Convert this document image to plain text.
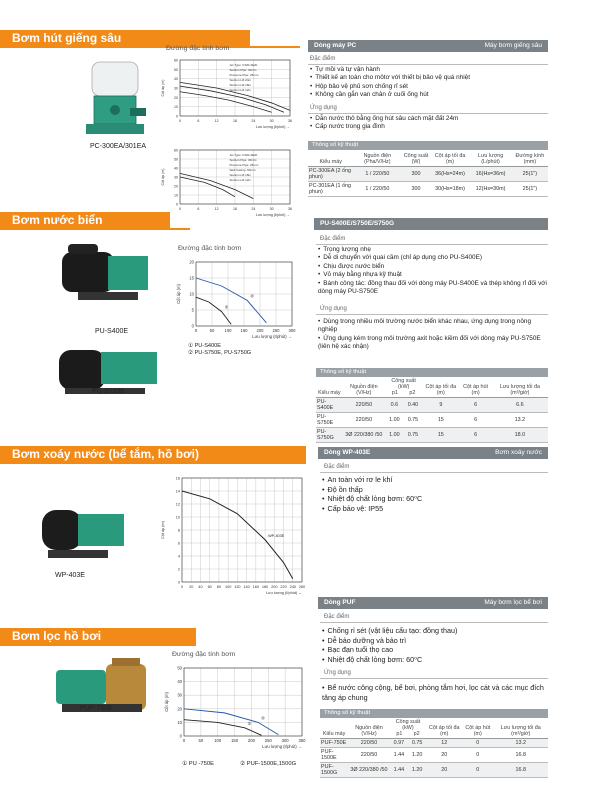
Bơm hút giếng sâu
PC-300EA/301EA
Đường đặc tính bơm
0	6	12	18	24	30	36
0
10
20
30
40
50
60
Lưu lượng (ℓ/phút) →
Cột áp (m)
Jet Type: PJ20-4E2b
Suction Pipe: 30mm
Pressure Pipe: 25mm
Suction Lift 24m
Suction Lift 18m
Suction Lift 12m
0	6	12	18	24	30	36
0
10
20
30
40
50
60
Lưu lượng (ℓ/phút) →
Cột áp (m)
Jet Type: PJ20-4E2b
Suction Pipe: 30mm
Pressure Pipe: 25mm
Well Casing: 50mm
Suction Lift 18m
Suction Lift 12m
Dòng máy PC	Máy bơm giếng sâu
Đặc điểm
• Tự mồi và tự vận hành
• Thiết kế an toàn cho môtơ với thiết bị bảo vệ quá nhiệt
• Hộp bảo vệ phủ sơn chống rỉ sét
• Không cần gắn van chân ở cuối ống hút
Ứng dụng
• Dẫn nước thô bằng ống hút sâu cách mặt đất 24m
• Cấp nước trong gia đình
Thông số kỹ thuật
Kiểu máy	Nguồn điện (Pha/V/Hz)	Công suất (W)	Cột áp tối đa (m)	Lưu lượng (L/phút)	Đường kính (mm)
PC-300EA (2 ống phun)	1 / 220/50	300	36(Hs=24m)	16(Hs=36m)	25(1")
PC-301EA (1 ống phun)	1 / 220/50	300	30(Hs=18m)	12(Hs=30m)	25(1")
Bơm nước biển
PU-S400E
PU-S750E
Đường đặc tính bơm
0	50 100 150 200 250 300
0
5
10
15
20
Lưu lượng (ℓ/phút) →
Cột áp (m)
①
②
① PU-S400E
② PU-S750E, PU-S750G
PU-S400E/S750E/S750G
Đặc điểm
• Trọng lượng nhẹ
• Dễ di chuyển với quai cầm (chỉ áp dụng cho PU-S400E)
• Chịu được nước biển
• Vỏ máy bằng nhựa kỹ thuật
• Bánh công tác: đồng thau đối với dòng máy PU-S400E và thép không rỉ đối với dòng máy PU-S750E
Ứng dụng
• Dùng trong nhiều môi trường nước biển khác nhau, ứng dụng trong nông nghiệp
• Ứng dụng kém trong môi trường axit hoặc kiềm đối với dòng máy PU-S750E (liên hệ xác nhận)
Thông số kỹ thuật
Kiểu máy	Nguồn điện (V/Hz)	Công suất (kW)
p1 p2		Cột áp tối đa (m)	Cột áp hút (m)	Lưu lượng tối đa (m³/giờ)
PU-S400E	220/50	0.6	0.40	9	6	6.6
PU-S750E	220/50	1.00	0.75	15	6	13.2
PU-S750G	3Ø 220/380 /50	1.00	0.75	15	6	18.0
Bơm xoáy nước (bể tắm, hồ bơi)
WP-403E
0 20 40 60 80 100 120 140 160 180 200 220 240 260
0
2
4
6
8
10
12
14
16
Lưu lượng (ℓ/phút) →
Cột áp (m)	WP-403E
Dòng WP-403E	Bơm xoáy nước
Đặc điểm
• An toàn với rơ le khí
• Độ ồn thấp
• Nhiệt độ chất lỏng bơm: 60⁰C
• Cấp bảo vệ: IP55
Bơm lọc hồ bơi
PUF-750E
Đường đặc tính bơm
0	50	100 150 200 250 300 350
0
10
20
30
40
50
Lưu lượng (ℓ/phút) →
Cột áp (m)
①
②
① PU -750E	② PUF-1500E,1500G
Dòng PUF	Máy bơm lọc bể bơi
Đặc điểm
• Chống rỉ sét (vật liệu cấu tạo: đồng thau)
• Dễ bảo dưỡng và bảo trì
• Bạc đạn tuổi thọ cao
• Nhiệt độ chất lỏng bơm: 60⁰C
Ứng dụng
• Bể nước công cộng, bể bơi, phòng tắm hơi, lọc cát và các mục đích tăng áp chung
Thông số kỹ thuật
Kiểu máy	Nguồn điện (V/Hz)	Công suất (kW)
p1 p2		Cột áp tối đa (m)	Cột áp hút (m)	Lưu lượng tối đa (m³/giờ)
PUF-750E	220/50	0.97	0.75	12	0	13.2
PUF-1500E	220/50	1.44	1.20	20	0	16.8
PUF-1500G	3Ø 220/380 /50	1.44	1.20	20	0	16.8
